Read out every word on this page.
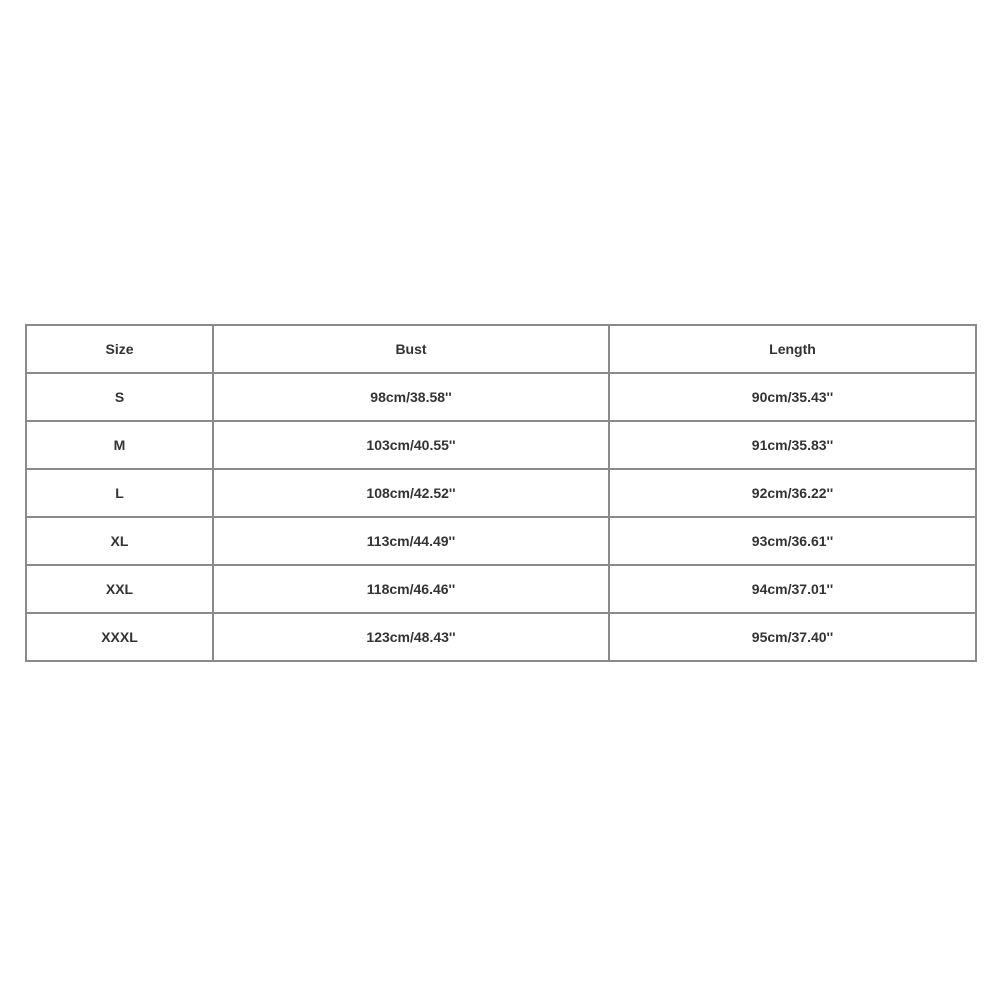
Size	Bust	Length
S	98cm/38.58''	90cm/35.43''
M	103cm/40.55''	91cm/35.83''
L	108cm/42.52''	92cm/36.22''
XL	113cm/44.49''	93cm/36.61''
XXL	118cm/46.46''	94cm/37.01''
XXXL	123cm/48.43''	95cm/37.40''
